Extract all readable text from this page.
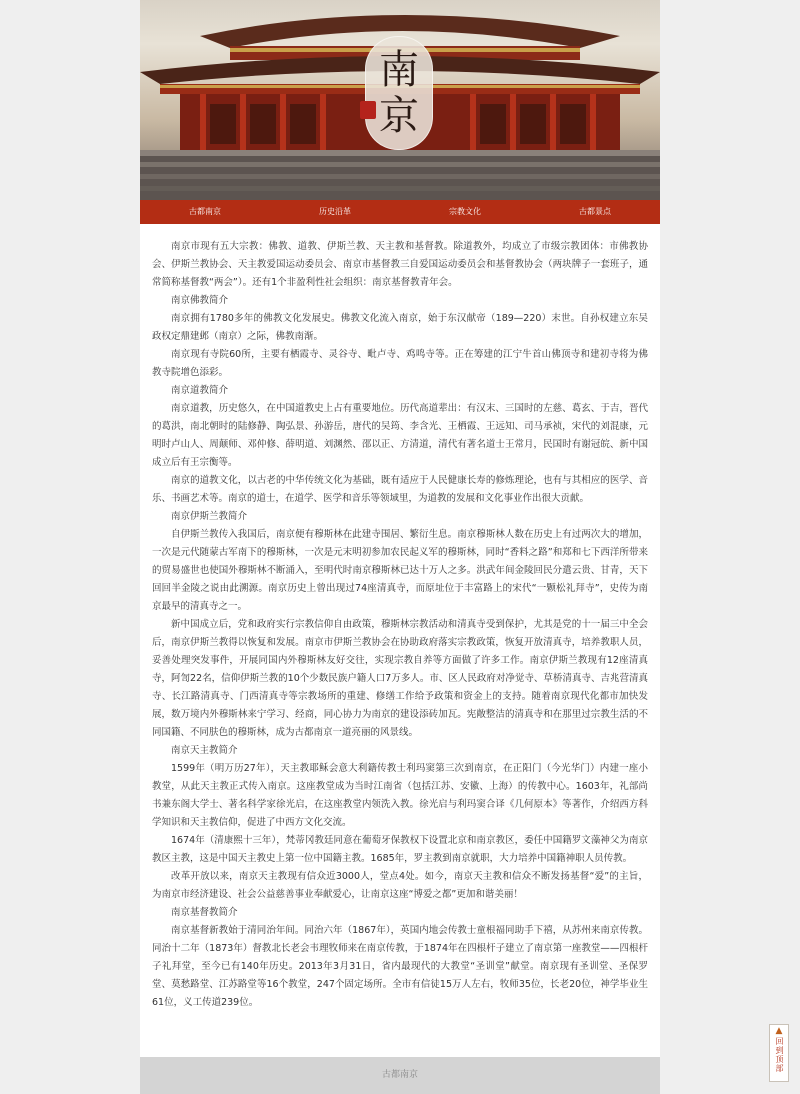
南
京
古都南京	历史沿革	宗教文化	古都景点

南京市现有五大宗教：佛教、道教、伊斯兰教、天主教和基督教。除道教外，均成立了市级宗教团体：市佛教协会、伊斯兰教协会、天主教爱国运动委员会、南京市基督教三自爱国运动委员会和基督教协会（两块牌子一套班子，通常简称基督教“两会”）。还有1个非盈利性社会组织：南京基督教青年会。

南京佛教简介

南京拥有1780多年的佛教文化发展史。佛教文化流入南京，始于东汉献帝（189—220）末世。自孙权建立东吴政权定鼎建邺（南京）之际，佛教南渐。

南京现有寺院60所，主要有栖霞寺、灵谷寺、毗卢寺、鸡鸣寺等。正在筹建的江宁牛首山佛顶寺和建初寺将为佛教寺院增色添彩。

南京道教简介

南京道教，历史悠久，在中国道教史上占有重要地位。历代高道辈出：有汉末、三国时的左慈、葛玄、于吉，晋代的葛洪，南北朝时的陆修静、陶弘景、孙游岳，唐代的吴筠、李含光、王栖霞、王远知、司马承祯，宋代的刘混康，元明时卢山人、周颠师、邓仲修、薛明道、刘渊然、邵以正、方清道，清代有著名道士王常月，民国时有谢冠皖、新中国成立后有王宗衡等。

南京的道教文化，以古老的中华传统文化为基础，既有适应于人民健康长寿的修炼理论，也有与其相应的医学、音乐、书画艺术等。南京的道士，在道学、医学和音乐等领域里，为道教的发展和文化事业作出很大贡献。

南京伊斯兰教简介

自伊斯兰教传入我国后，南京便有穆斯林在此建寺围居、繁衍生息。南京穆斯林人数在历史上有过两次大的增加，一次是元代随蒙古军南下的穆斯林，一次是元末明初参加农民起义军的穆斯林，同时“香料之路”和郑和七下西洋所带来的贸易盛世也使国外穆斯林不断涌入，至明代时南京穆斯林已达十万人之多。洪武年间金陵回民分遣云贵、甘青，天下回回半金陵之说由此溯源。南京历史上曾出现过74座清真寺，而原址位于丰富路上的宋代“一颗松礼拜寺”，史传为南京最早的清真寺之一。

新中国成立后，党和政府实行宗教信仰自由政策，穆斯林宗教活动和清真寺受到保护，尤其是党的十一届三中全会后，南京伊斯兰教得以恢复和发展。南京市伊斯兰教协会在协助政府落实宗教政策，恢复开放清真寺，培养教职人员，妥善处理突发事件，开展同国内外穆斯林友好交往，实现宗教自养等方面做了许多工作。南京伊斯兰教现有12座清真寺，阿訇22名，信仰伊斯兰教的10个少数民族户籍人口7万多人。市、区人民政府对净觉寺、草桥清真寺、吉兆营清真寺、长江路清真寺、门西清真寺等宗教场所的重建、修缮工作给予政策和资金上的支持。随着南京现代化都市加快发展，数万境内外穆斯林来宁学习、经商，同心协力为南京的建设添砖加瓦。宪敞整洁的清真寺和在那里过宗教生活的不同国籍、不同肤色的穆斯林，成为古都南京一道亮丽的风景线。

南京天主教简介

1599年（明万历27年），天主教耶稣会意大利籍传教士利玛窦第三次到南京，在正阳门（今光华门）内建一座小教堂，从此天主教正式传入南京。这座教堂成为当时江南省（包括江苏、安徽、上海）的传教中心。1603年，礼部尚书兼东阁大学士、著名科学家徐光启，在这座教堂内领洗入教。徐光启与利玛窦合译《几何原本》等著作，介绍西方科学知识和天主教信仰，促进了中西方文化交流。

1674年（清康熙十三年），梵蒂冈教廷同意在葡萄牙保教权下设置北京和南京教区，委任中国籍罗文藻神父为南京教区主教，这是中国天主教史上第一位中国籍主教。1685年，罗主教到南京就职，大力培养中国籍神职人员传教。

改革开放以来，南京天主教现有信众近3000人，堂点4处。如今，南京天主教和信众不断发扬基督“爱”的主旨，为南京市经济建设、社会公益慈善事业奉献爱心，让南京这座“博爱之都”更加和谐美丽！

南京基督教简介

南京基督新教始于清同治年间。同治六年（1867年），英国内地会传教士童根福同助手下禧，从苏州来南京传教。同治十二年（1873年）督教北长老会韦理牧师来在南京传教，于1874年在四根杆子建立了南京第一座教堂——四根杆子礼拜堂，至今已有140年历史。2013年3月31日，省内最现代的大教堂“圣训堂”献堂。南京现有圣训堂、圣保罗堂、莫愁路堂、江苏路堂等16个教堂，247个固定场所。全市有信徒15万人左右，牧师35位，长老20位，神学毕业生61位，义工传道239位。

古都南京
▲
回到顶部
